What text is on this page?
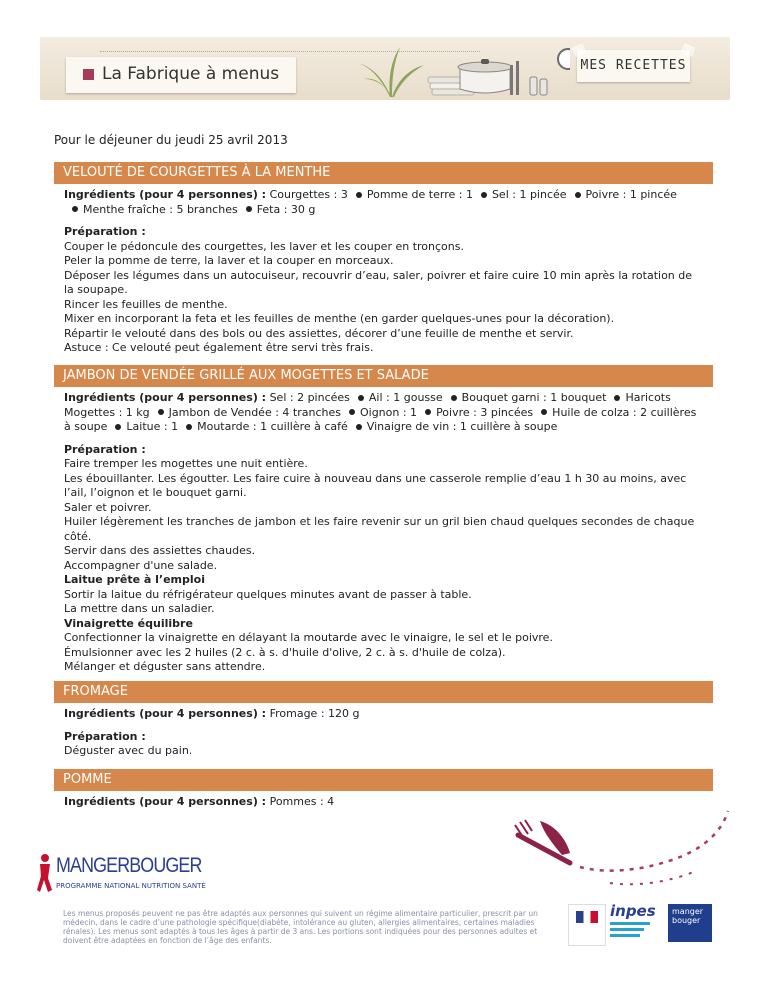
La Fabrique à menus	MES RECETTES
Pour le déjeuner du jeudi 25 avril 2013
VELOUTÉ DE COURGETTES À LA MENTHE
Ingrédients (pour 4 personnes) : Courgettes : 3 Pomme de terre : 1 Sel : 1 pincée Poivre : 1 pincée
Menthe fraîche : 5 branches Feta : 30 g

Préparation :

Couper le pédoncule des courgettes, les laver et les couper en tronçons.

Peler la pomme de terre, la laver et la couper en morceaux.

Déposer les légumes dans un autocuiseur, recouvrir d’eau, saler, poivrer et faire cuire 10 min après la rotation de la soupape.

Rincer les feuilles de menthe.

Mixer en incorporant la feta et les feuilles de menthe (en garder quelques-unes pour la décoration).

Répartir le velouté dans des bols ou des assiettes, décorer d’une feuille de menthe et servir.

Astuce : Ce velouté peut également être servi très frais.

JAMBON DE VENDÉE GRILLÉ AUX MOGETTES ET SALADE
Ingrédients (pour 4 personnes) : Sel : 2 pincées Ail : 1 gousse Bouquet garni : 1 bouquet Haricots Mogettes : 1 kg Jambon de Vendée : 4 tranches Oignon : 1 Poivre : 3 pincées Huile de colza : 2 cuillères à soupe Laitue : 1 Moutarde : 1 cuillère à café Vinaigre de vin : 1 cuillère à soupe

Préparation :

Faire tremper les mogettes une nuit entière.

Les ébouillanter. Les égoutter. Les faire cuire à nouveau dans une casserole remplie d’eau 1 h 30 au moins, avec l’ail, l’oignon et le bouquet garni.

Saler et poivrer.

Huiler légèrement les tranches de jambon et les faire revenir sur un gril bien chaud quelques secondes de chaque côté.

Servir dans des assiettes chaudes.

Accompagner d'une salade.

Laitue prête à l’emploi

Sortir la laitue du réfrigérateur quelques minutes avant de passer à table.

La mettre dans un saladier.

Vinaigrette équilibre

Confectionner la vinaigrette en délayant la moutarde avec le vinaigre, le sel et le poivre.

Émulsionner avec les 2 huiles (2 c. à s. d'huile d'olive, 2 c. à s. d'huile de colza).

Mélanger et déguster sans attendre.

FROMAGE
Ingrédients (pour 4 personnes) : Fromage : 120 g

Préparation :

Déguster avec du pain.

POMME
Ingrédients (pour 4 personnes) : Pommes : 4
MANGERBOUGER
PROGRAMME NATIONAL NUTRITION SANTÉ
Les menus proposés peuvent ne pas être adaptés aux personnes qui suivent un régime alimentaire particulier, prescrit par un médecin, dans le cadre d’une pathologie spécifique(diabète, intolérance au gluten, allergies alimentaires, certaines maladies rénales). Les menus sont adaptés à tous les âges à partir de 3 ans. Les portions sont indiquées pour des personnes adultes et doivent être adaptées en fonction de l’âge des enfants.
inpes	manger bouger
